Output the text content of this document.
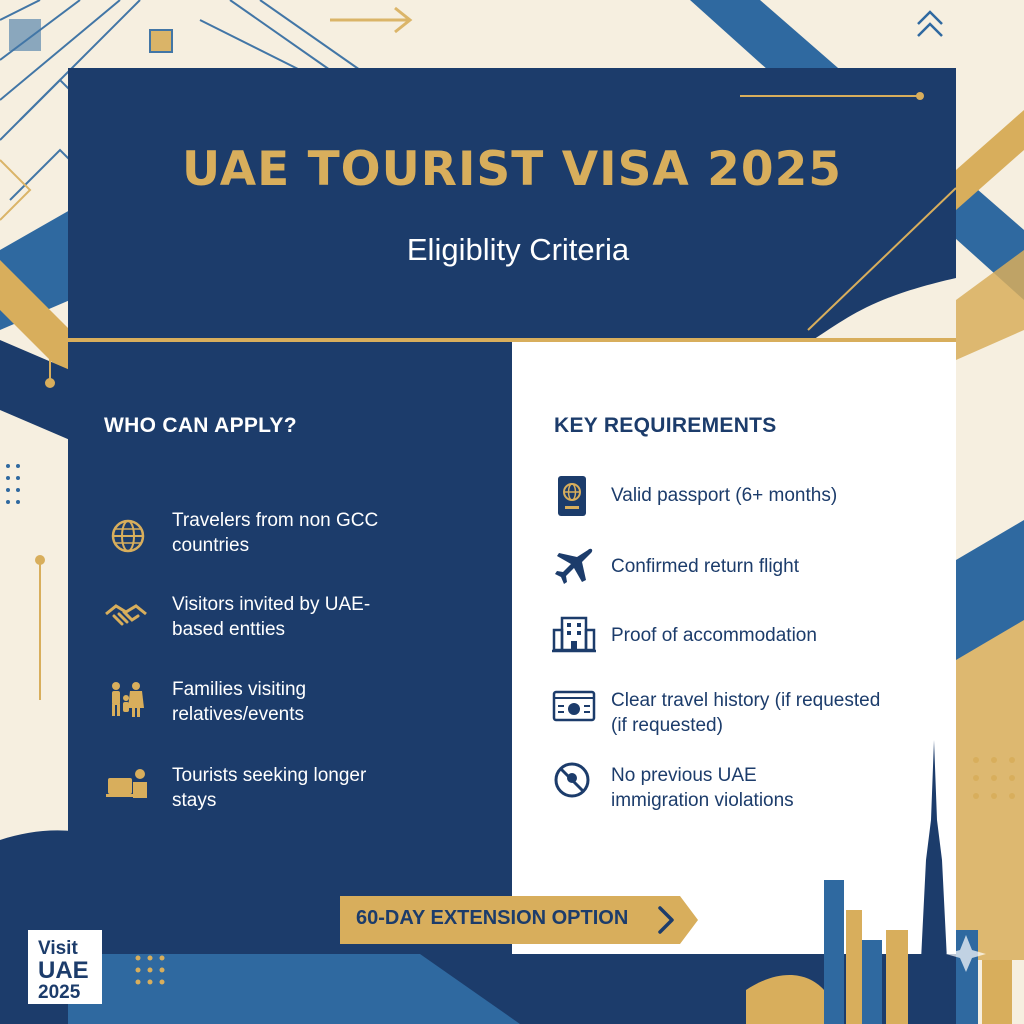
UAE TOURIST VISA 2025
Eligiblity Criteria
WHO CAN APPLY?	KEY REQUIREMENTS
Travelers from non GCC
countries
Visitors invited by UAE-
based entties
Families visiting
relatives/events
Tourists seeking longer
stays
Valid passport (6+ months)
Confirmed return flight
Proof of accommodation
Clear travel history (if requested
(if requested)
No previous UAE
immigration violations
60-DAY EXTENSION OPTION
Visit
UAE
2025
